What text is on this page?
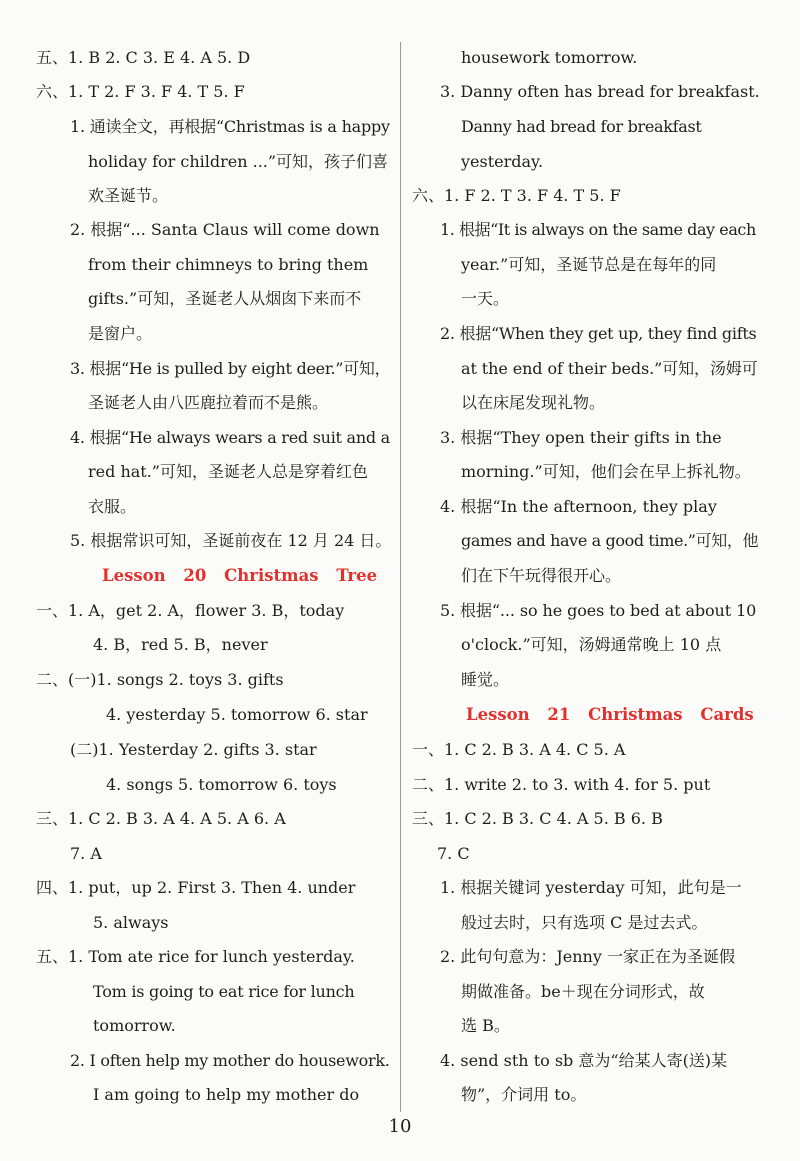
五、1. B 2. C 3. E 4. A 5. D
六、1. T 2. F 3. F 4. T 5. F
1. 通读全文，再根据“Christmas is a happy
holiday for children ...”可知，孩子们喜
欢圣诞节。
2. 根据“... Santa Claus will come down
from their chimneys to bring them
gifts.”可知，圣诞老人从烟囱下来而不
是窗户。
3. 根据“He is pulled by eight deer.”可知，
圣诞老人由八匹鹿拉着而不是熊。
4. 根据“He always wears a red suit and a
red hat.”可知，圣诞老人总是穿着红色
衣服。
5. 根据常识可知，圣诞前夜在 12 月 24 日。
Lesson 20 Christmas Tree
一、1. A，get 2. A，flower 3. B，today
4. B，red 5. B，never
二、(一)1. songs 2. toys 3. gifts
4. yesterday 5. tomorrow 6. star
(二)1. Yesterday 2. gifts 3. star
4. songs 5. tomorrow 6. toys
三、1. C 2. B 3. A 4. A 5. A 6. A
7. A
四、1. put，up 2. First 3. Then 4. under
5. always
五、1. Tom ate rice for lunch yesterday.
Tom is going to eat rice for lunch
tomorrow.
2. I often help my mother do housework.
I am going to help my mother do
housework tomorrow.
3. Danny often has bread for breakfast.
Danny had bread for breakfast
yesterday.
六、1. F 2. T 3. F 4. T 5. F
1. 根据“It is always on the same day each
year.”可知，圣诞节总是在每年的同
一天。
2. 根据“When they get up, they find gifts
at the end of their beds.”可知，汤姆可
以在床尾发现礼物。
3. 根据“They open their gifts in the
morning.”可知，他们会在早上拆礼物。
4. 根据“In the afternoon, they play
games and have a good time.”可知，他
们在下午玩得很开心。
5. 根据“... so he goes to bed at about 10
o'clock.”可知，汤姆通常晚上 10 点
睡觉。
Lesson 21 Christmas Cards
一、1. C 2. B 3. A 4. C 5. A
二、1. write 2. to 3. with 4. for 5. put
三、1. C 2. B 3. C 4. A 5. B 6. B
7. C
1. 根据关键词 yesterday 可知，此句是一
般过去时，只有选项 C 是过去式。
2. 此句句意为：Jenny 一家正在为圣诞假
期做准备。be＋现在分词形式，故
选 B。
4. send sth to sb 意为“给某人寄(送)某
物”，介词用 to。
10
